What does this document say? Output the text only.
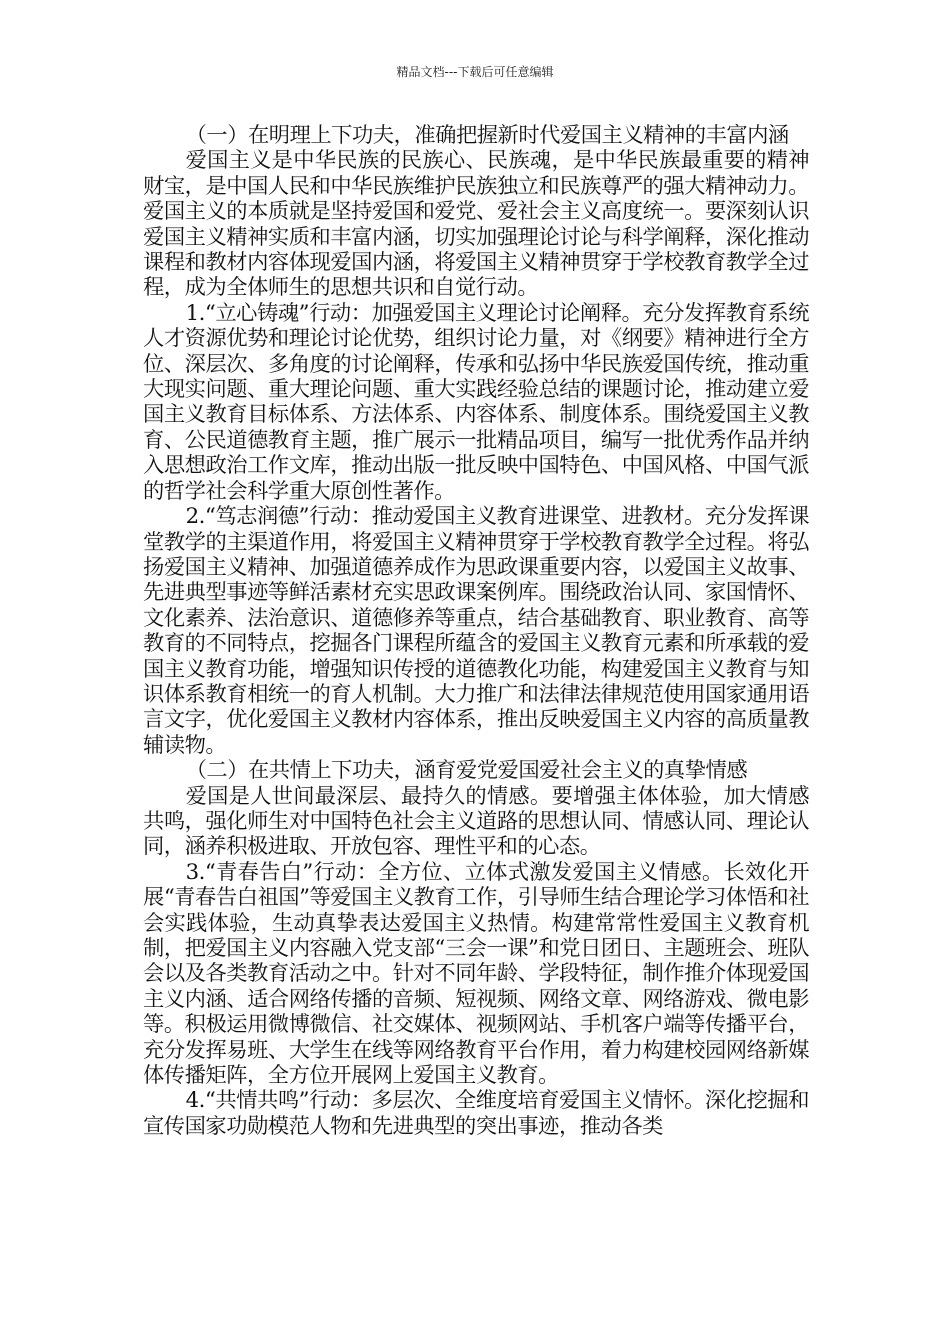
精品文档---下载后可任意编辑

（一）在明理上下功夫，准确把握新时代爱国主义精神的丰富内涵

爱国主义是中华民族的民族心、民族魂，是中华民族最重要的精神财宝，是中国人民和中华民族维护民族独立和民族尊严的强大精神动力。爱国主义的本质就是坚持爱国和爱党、爱社会主义高度统一。要深刻认识爱国主义精神实质和丰富内涵，切实加强理论讨论与科学阐释，深化推动课程和教材内容体现爱国内涵，将爱国主义精神贯穿于学校教育教学全过程，成为全体师生的思想共识和自觉行动。

1.“立心铸魂”行动：加强爱国主义理论讨论阐释。充分发挥教育系统人才资源优势和理论讨论优势，组织讨论力量，对《纲要》精神进行全方位、深层次、多角度的讨论阐释，传承和弘扬中华民族爱国传统，推动重大现实问题、重大理论问题、重大实践经验总结的课题讨论，推动建立爱国主义教育目标体系、方法体系、内容体系、制度体系。围绕爱国主义教育、公民道德教育主题，推广展示一批精品项目，编写一批优秀作品并纳入思想政治工作文库，推动出版一批反映中国特色、中国风格、中国气派的哲学社会科学重大原创性著作。

2.“笃志润德”行动：推动爱国主义教育进课堂、进教材。充分发挥课堂教学的主渠道作用，将爱国主义精神贯穿于学校教育教学全过程。将弘扬爱国主义精神、加强道德养成作为思政课重要内容，以爱国主义故事、先进典型事迹等鲜活素材充实思政课案例库。围绕政治认同、家国情怀、文化素养、法治意识、道德修养等重点，结合基础教育、职业教育、高等教育的不同特点，挖掘各门课程所蕴含的爱国主义教育元素和所承载的爱国主义教育功能，增强知识传授的道德教化功能，构建爱国主义教育与知识体系教育相统一的育人机制。大力推广和法律法律规范使用国家通用语言文字，优化爱国主义教材内容体系，推出反映爱国主义内容的高质量教辅读物。

（二）在共情上下功夫，涵育爱党爱国爱社会主义的真挚情感

爱国是人世间最深层、最持久的情感。要增强主体体验，加大情感共鸣，强化师生对中国特色社会主义道路的思想认同、情感认同、理论认同，涵养积极进取、开放包容、理性平和的心态。

3.“青春告白”行动：全方位、立体式激发爱国主义情感。长效化开展“青春告白祖国”等爱国主义教育工作，引导师生结合理论学习体悟和社会实践体验，生动真挚表达爱国主义热情。构建常常性爱国主义教育机制，把爱国主义内容融入党支部“三会一课”和党日团日、主题班会、班队会以及各类教育活动之中。针对不同年龄、学段特征，制作推介体现爱国主义内涵、适合网络传播的音频、短视频、网络文章、网络游戏、微电影等。积极运用微博微信、社交媒体、视频网站、手机客户端等传播平台，充分发挥易班、大学生在线等网络教育平台作用，着力构建校园网络新媒体传播矩阵，全方位开展网上爱国主义教育。

4.“共情共鸣”行动：多层次、全维度培育爱国主义情怀。深化挖掘和宣传国家功勋模范人物和先进典型的突出事迹，推动各类
